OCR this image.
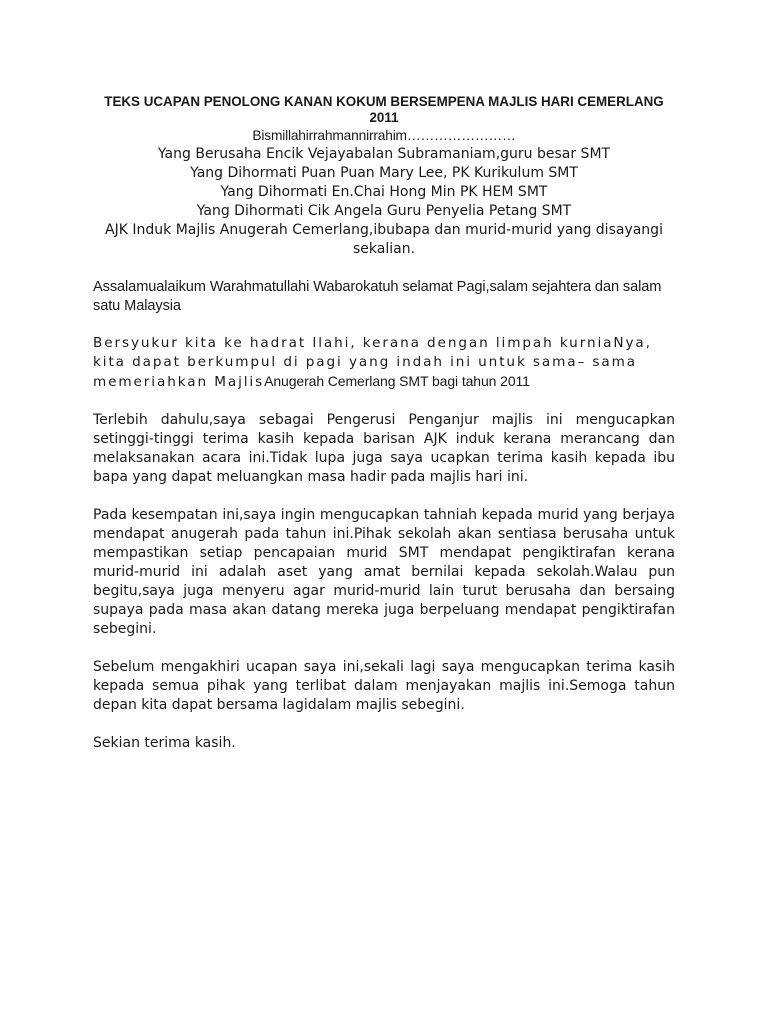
TEKS UCAPAN PENOLONG KANAN KOKUM BERSEMPENA MAJLIS HARI CEMERLANG 2011

Bismillahirrahmannirrahim……………………

Yang Berusaha Encik Vejayabalan Subramaniam,guru besar SMT
Yang Dihormati Puan Puan Mary Lee, PK Kurikulum SMT
Yang Dihormati En.Chai Hong Min PK HEM SMT
Yang Dihormati Cik Angela Guru Penyelia Petang SMT
AJK Induk Majlis Anugerah Cemerlang,ibubapa dan murid-murid yang disayangi sekalian.

Assalamualaikum Warahmatullahi Wabarokatuh selamat Pagi,salam sejahtera dan salam satu Malaysia

Bersyukur kita ke hadrat Ilahi, kerana dengan limpah kurniaNya, kita dapat berkumpul di pagi yang indah ini untuk sama– sama memeriahkan MajlisAnugerah Cemerlang SMT bagi tahun 2011

Terlebih dahulu,saya sebagai Pengerusi Penganjur majlis ini mengucapkan setinggi-tinggi terima kasih kepada barisan AJK induk kerana merancang dan melaksanakan acara ini.Tidak lupa juga saya ucapkan terima kasih kepada ibu bapa yang dapat meluangkan masa hadir pada majlis hari ini.

Pada kesempatan ini,saya ingin mengucapkan tahniah kepada murid yang berjaya mendapat anugerah pada tahun ini.Pihak sekolah akan sentiasa berusaha untuk mempastikan setiap pencapaian murid SMT mendapat pengiktirafan kerana murid-murid ini adalah aset yang amat bernilai kepada sekolah.Walau pun begitu,saya juga menyeru agar murid-murid lain turut berusaha dan bersaing supaya pada masa akan datang mereka juga berpeluang mendapat pengiktirafan sebegini.

Sebelum mengakhiri ucapan saya ini,sekali lagi saya mengucapkan terima kasih kepada semua pihak yang terlibat dalam menjayakan majlis ini.Semoga tahun depan kita dapat bersama lagidalam majlis sebegini.

Sekian terima kasih.
